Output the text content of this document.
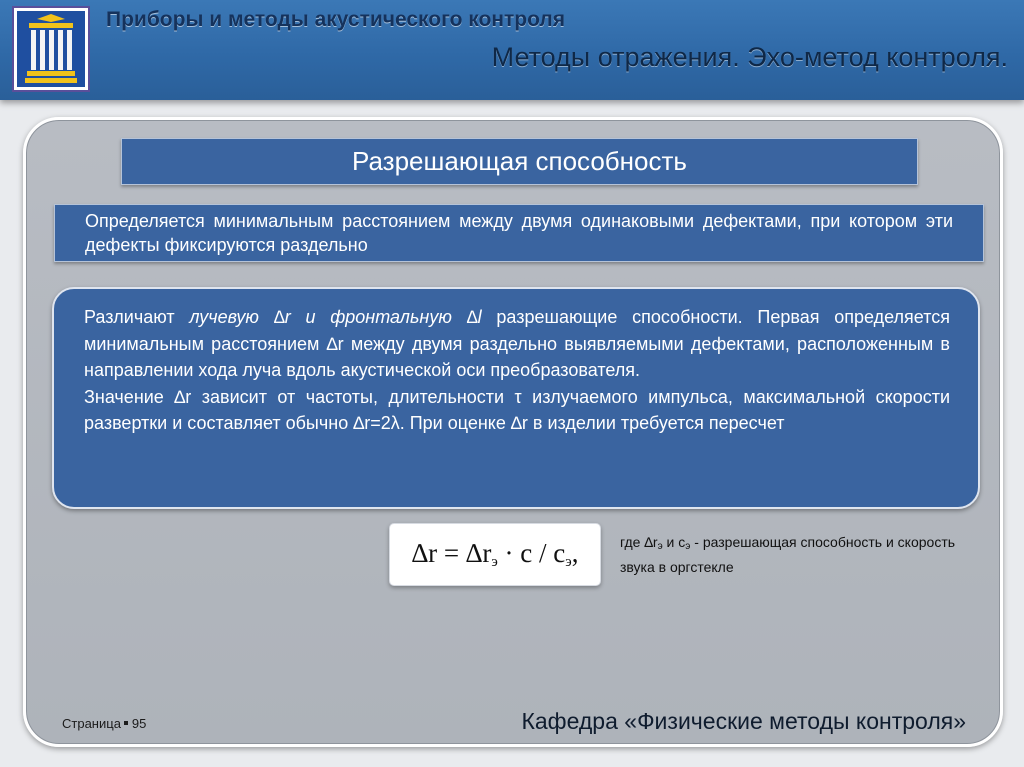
Приборы и методы акустического контроля
Методы отражения. Эхо-метод контроля.
Разрешающая способность
Определяется минимальным расстоянием между двумя одинаковыми дефектами, при котором эти дефекты фиксируются раздельно

Различают лучевую ∆r и фронтальную ∆l разрешающие способности. Первая определяется минимальным расстоянием ∆r между двумя раздельно выявляемыми дефектами, расположенным в направлении хода луча вдоль акустической оси преобразователя.

Значение ∆r зависит от частоты, длительности τ излучаемого импульса, максимальной скорости развертки и составляет обычно ∆r=2λ. При оценке ∆r в изделии требуется пересчет

$\Delta r = \Delta r_э \cdot c / c_э$,	где $\Delta r_э$ и $с_э$ - разрешающая способность и скорость звука в оргстекле
Страница 95	Кафедра «Физические методы контроля»
